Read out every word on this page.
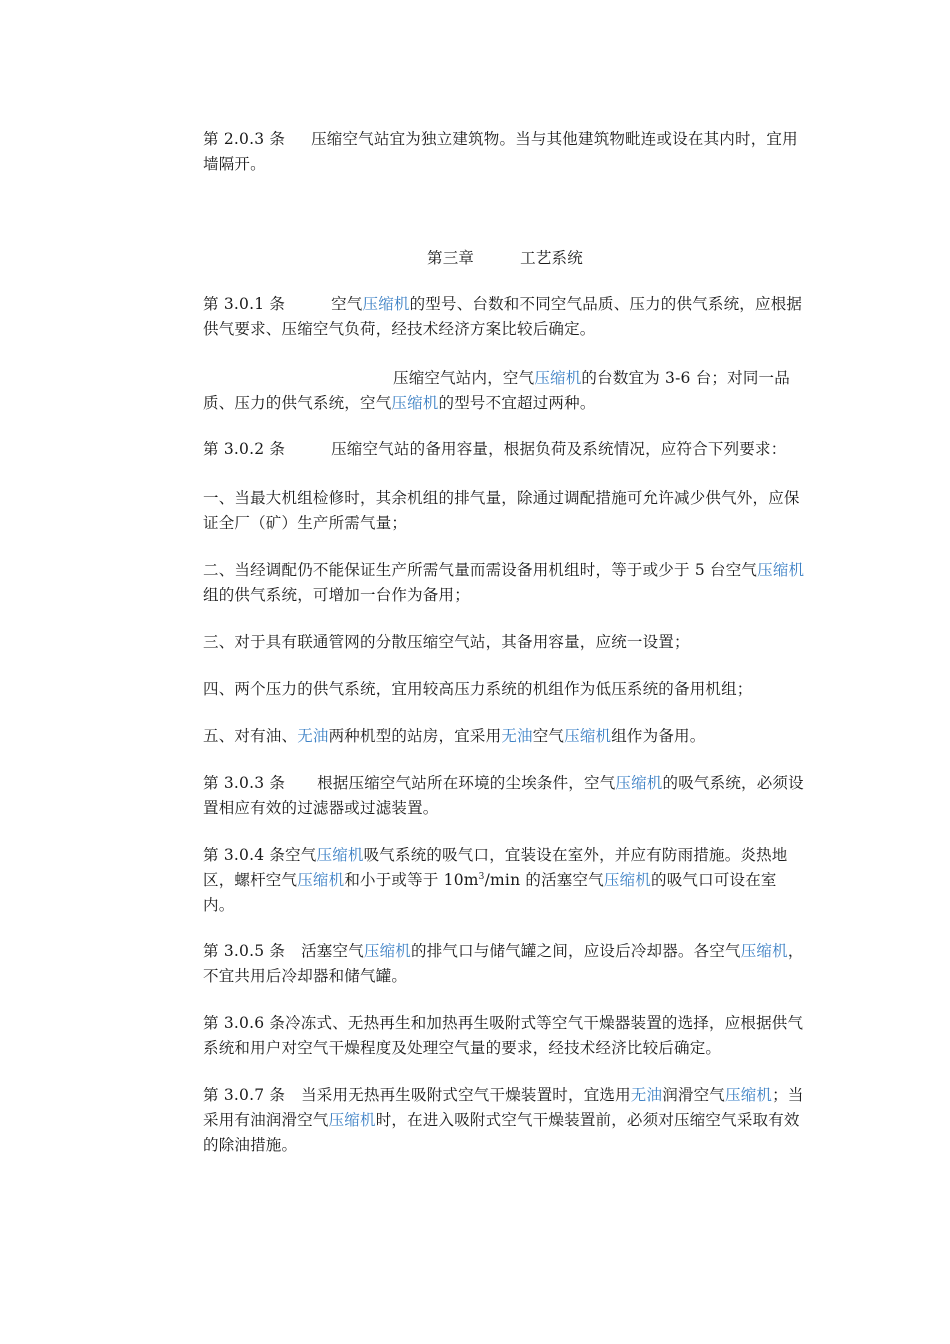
第 2.0.3 条 压缩空气站宜为独立建筑物。当与其他建筑物毗连或设在其内时，宜用墙隔开。

第三章	工艺系统

第 3.0.1 条	空气压缩机的型号、台数和不同空气品质、压力的供气系统，应根据供气要求、压缩空气负荷，经技术经济方案比较后确定。

压缩空气站内，空气压缩机的台数宜为 3-6 台；对同一品质、压力的供气系统，空气压缩机的型号不宜超过两种。

第 3.0.2 条	压缩空气站的备用容量，根据负荷及系统情况，应符合下列要求：

一、当最大机组检修时，其余机组的排气量，除通过调配措施可允许减少供气外，应保证全厂（矿）生产所需气量；

二、当经调配仍不能保证生产所需气量而需设备用机组时，等于或少于 5 台空气压缩机组的供气系统，可增加一台作为备用；

三、对于具有联通管网的分散压缩空气站，其备用容量，应统一设置；

四、两个压力的供气系统，宜用较高压力系统的机组作为低压系统的备用机组；

五、对有油、无油两种机型的站房，宜采用无油空气压缩机组作为备用。

第 3.0.3 条 根据压缩空气站所在环境的尘埃条件，空气压缩机的吸气系统，必须设置相应有效的过滤器或过滤装置。

第 3.0.4 条空气压缩机吸气系统的吸气口，宜装设在室外，并应有防雨措施。炎热地区，螺杆空气压缩机和小于或等于 $10m^3/\min$ 的活塞空气压缩机的吸气口可设在室内。

第 3.0.5 条 活塞空气压缩机的排气口与储气罐之间，应设后冷却器。各空气压缩机，不宜共用后冷却器和储气罐。

第 3.0.6 条冷冻式、无热再生和加热再生吸附式等空气干燥器装置的选择，应根据供气系统和用户对空气干燥程度及处理空气量的要求，经技术经济比较后确定。

第 3.0.7 条 当采用无热再生吸附式空气干燥装置时，宜选用无油润滑空气压缩机；当采用有油润滑空气压缩机时，在进入吸附式空气干燥装置前，必须对压缩空气采取有效的除油措施。
